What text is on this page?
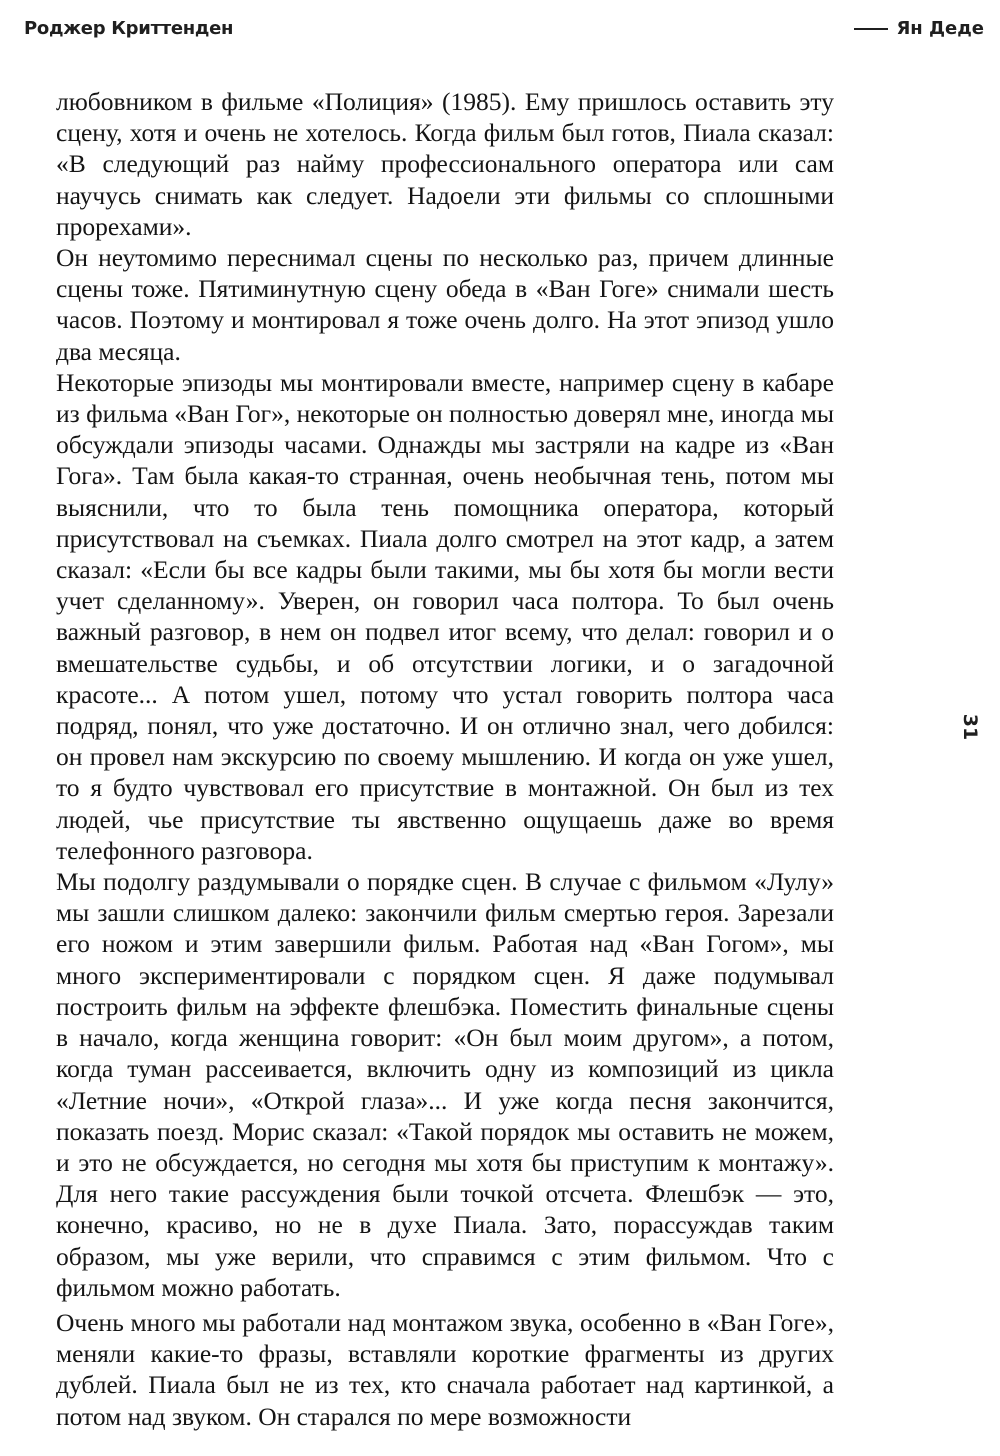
Роджер Криттенден	Ян Деде

любовником в фильме «Полиция» (1985). Ему пришлось оставить эту сцену, хотя и очень не хотелось. Когда фильм был готов, Пиала сказал: «В следующий раз найму профессионального оператора или сам научусь снимать как следует. Надоели эти фильмы со сплошными прорехами».

Он неутомимо переснимал сцены по несколько раз, причем длинные сцены тоже. Пятиминутную сцену обеда в «Ван Гоге» снимали шесть часов. Поэтому и монтировал я тоже очень долго. На этот эпизод ушло два месяца.

Некоторые эпизоды мы монтировали вместе, например сцену в кабаре из фильма «Ван Гог», некоторые он полностью доверял мне, иногда мы обсуждали эпизоды часами. Однажды мы застряли на кадре из «Ван Гога». Там была какая-то странная, очень необычная тень, потом мы выяснили, что то была тень помощника оператора, который присутствовал на съемках. Пиала долго смотрел на этот кадр, а затем сказал: «Если бы все кадры были такими, мы бы хотя бы могли вести учет сделанному». Уверен, он говорил часа полтора. То был очень важный разговор, в нем он подвел итог всему, что делал: говорил и о вмешательстве судьбы, и об отсутствии логики, и о загадочной красоте... А потом ушел, потому что устал говорить полтора часа подряд, понял, что уже достаточно. И он отлично знал, чего добился: он провел нам экскурсию по своему мышлению. И когда он уже ушел, то я будто чувствовал его присутствие в монтажной. Он был из тех людей, чье присутствие ты явственно ощущаешь даже во время телефонного разговора.

Мы подолгу раздумывали о порядке сцен. В случае с фильмом «Лулу» мы зашли слишком далеко: закончили фильм смертью героя. Зарезали его ножом и этим завершили фильм. Работая над «Ван Гогом», мы много экспериментировали с порядком сцен. Я даже подумывал построить фильм на эффекте флешбэка. Поместить финальные сцены в начало, когда женщина говорит: «Он был моим другом», а потом, когда туман рассеивается, включить одну из композиций из цикла «Летние ночи», «Открой глаза»... И уже когда песня закончится, показать поезд. Морис сказал: «Такой порядок мы оставить не можем, и это не обсуждается, но сегодня мы хотя бы приступим к монтажу». Для него такие рассуждения были точкой отсчета. Флешбэк — это, конечно, красиво, но не в духе Пиала. Зато, порассуждав таким образом, мы уже верили, что справимся с этим фильмом. Что с фильмом можно работать.

Очень много мы работали над монтажом звука, особенно в «Ван Гоге», меняли какие-то фразы, вставляли короткие фрагменты из других дублей. Пиала был не из тех, кто сначала работает над картинкой, а потом над звуком. Он старался по мере возможности

31
